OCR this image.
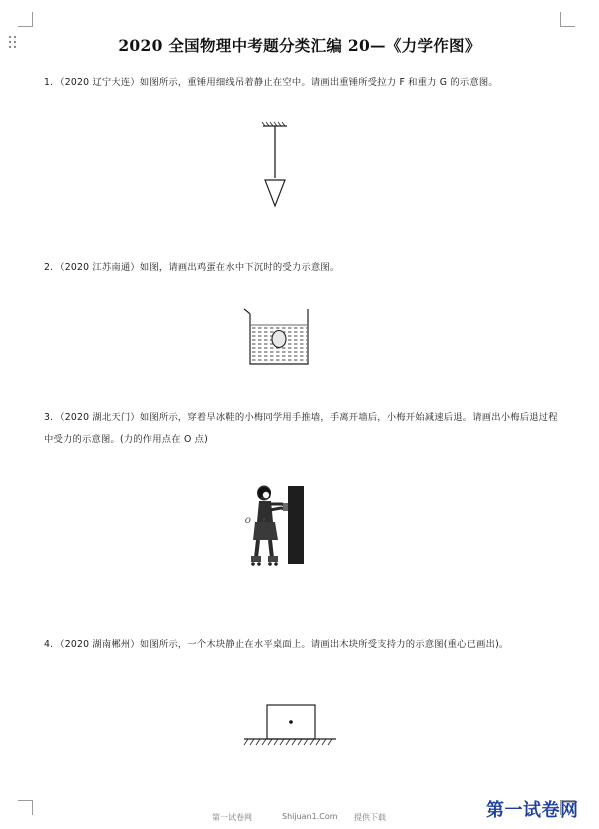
2020 全国物理中考题分类汇编 20—《力学作图》
1. （2020 辽宁大连）如图所示，重锤用细线吊着静止在空中。请画出重锤所受拉力 F 和重力 G 的示意图。
2. （2020 江苏南通）如图，请画出鸡蛋在水中下沉时的受力示意图。
3. （2020 湖北天门）如图所示，穿着早冰鞋的小梅同学用手推墙，手离开墙后，小梅开始减速后退。请画出小梅后退过程中受力的示意图。(力的作用点在 O 点)
O
4. （2020 湖南郴州）如图所示，一个木块静止在水平桌面上。请画出木块所受支持力的示意图(重心已画出)。
第一试卷网	Shijuan1.Com 提供下载	第一试卷网
